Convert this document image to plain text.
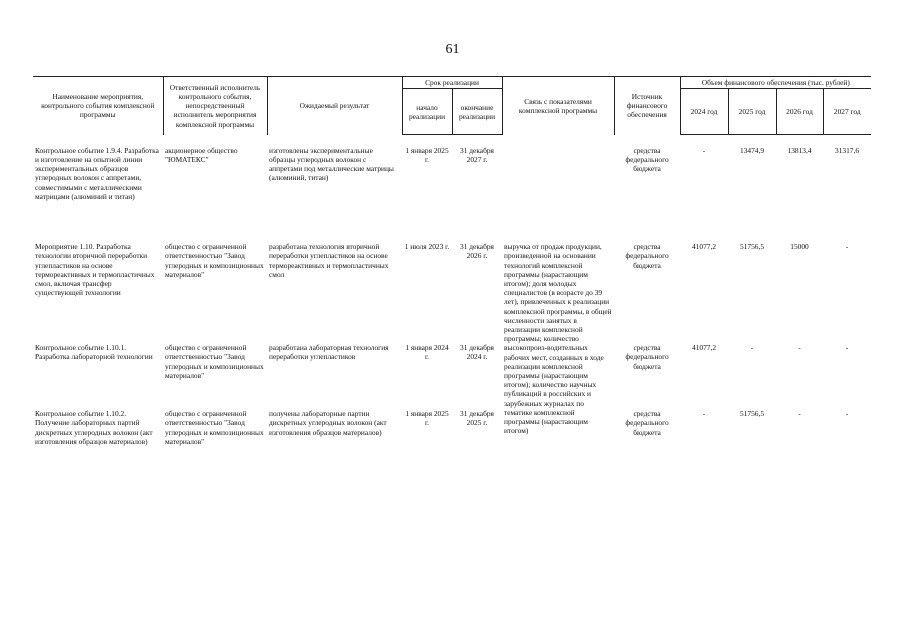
61
Наименование мероприятия, контрольного события комплексной программы	Ответственный исполнитель контрольного события, непосредственный исполнитель мероприятия комплексной программы	Ожидаемый результат	Срок реализации		Связь с показателями комплексной программы	Источник финансового обеспечения	Объем финансового обеспечения (тыс. рублей)			
			начало реализации	окончание реализации			2024 год	2025 год	2026 год	2027 год
Контрольное событие 1.9.4. Разработка и изготовление на опытной линии экспериментальных образцов углеродных волокон с аппретами, совместимыми с металлическими матрицами (алюминий и титан)	акционерное общество "ЮМАТЕКС"	изготовлены экспериментальные образцы углеродных волокон с аппретами под металлические матрицы (алюминий, титан)	1 января 2025 г.	31 декабря 2027 г.		средства федерального бюджета	-	13474,9	13813,4	31317,6
Мероприятие 1.10. Разработка технологии вторичной переработки углепластиков на основе термореактивных и термопластичных смол, включая трансфер существующей технологии	общество с ограниченной ответственностью "Завод углеродных и композиционных материалов"	разработана технология вторичной переработки углепластиков на основе термореактивных и термопластичных смол	1 июля 2023 г.	31 декабря 2026 г.	выручка от продаж продукции, произведенной на основании технологий комплексной программы (нарастающим итогом); доля молодых специалистов (в возрасте до 39 лет), привлеченных к реализации комплексной программы, в общей численности занятых в реализации комплексной программы; количество высокопроиз-водительных рабочих мест, созданных в ходе реализации комплексной программы (нарастающим итогом); количество научных публикаций в российских и зарубежных журналах по тематике комплексной программы (нарастающим итогом)	средства федерального бюджета	41077,2	51756,5	15000	-
Контрольное событие 1.10.1. Разработка лабораторной технологии	общество с ограниченной ответственностью "Завод углеродных и композиционных материалов"	разработана лабораторная технология переработки углепластиков	1 января 2024 г.	31 декабря 2024 г.		средства федерального бюджета	41077,2	-	-	-
Контрольное событие 1.10.2. Получение лабораторных партий дискретных углеродных волокон (акт изготовления образцов материалов)	общество с ограниченной ответственностью "Завод углеродных и композиционных материалов"	получены лабораторные партии дискретных углеродных волокон (акт изготовления образцов материалов)	1 января 2025 г.	31 декабря 2025 г.		средства федерального бюджета	-	51756,5	-	-
